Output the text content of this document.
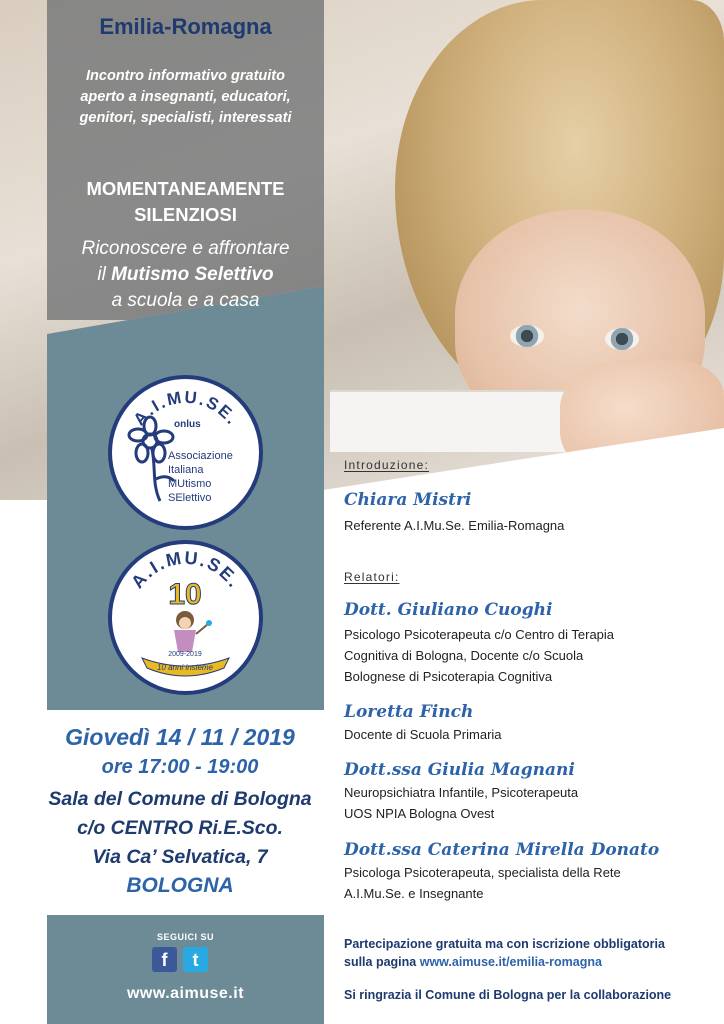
Emilia-Romagna
Incontro informativo gratuito
aperto a insegnanti, educatori,
genitori, specialisti, interessati
MOMENTANEAMENTE
SILENZIOSI
Riconoscere e affrontare
il Mutismo Selettivo
a scuola e a casa
A.I.MU.SE.
onlus
Associazione
Italiana
MUtismo
SElettivo
A.I.MU.SE.
10
2009-2019
10 anni insieme
Giovedì 14 / 11 / 2019
ore 17:00 - 19:00
Sala del Comune di Bologna
c/o CENTRO Ri.E.Sco.
Via Ca’ Selvatica, 7
BOLOGNA
SEGUICI SU
f	t
www.aimuse.it
Introduzione:
Chiara Mistri
Referente A.I.Mu.Se. Emilia-Romagna
Relatori:
Dott. Giuliano Cuoghi
Psicologo Psicoterapeuta c/o Centro di Terapia
Cognitiva di Bologna, Docente c/o Scuola
Bolognese di Psicoterapia Cognitiva
Loretta Finch
Docente di Scuola Primaria
Dott.ssa Giulia Magnani
Neuropsichiatra Infantile, Psicoterapeuta
UOS NPIA Bologna Ovest
Dott.ssa Caterina Mirella Donato
Psicologa Psicoterapeuta, specialista della Rete
A.I.Mu.Se. e Insegnante
Partecipazione gratuita ma con iscrizione obbligatoria
sulla pagina www.aimuse.it/emilia-romagna
Si ringrazia il Comune di Bologna per la collaborazione
